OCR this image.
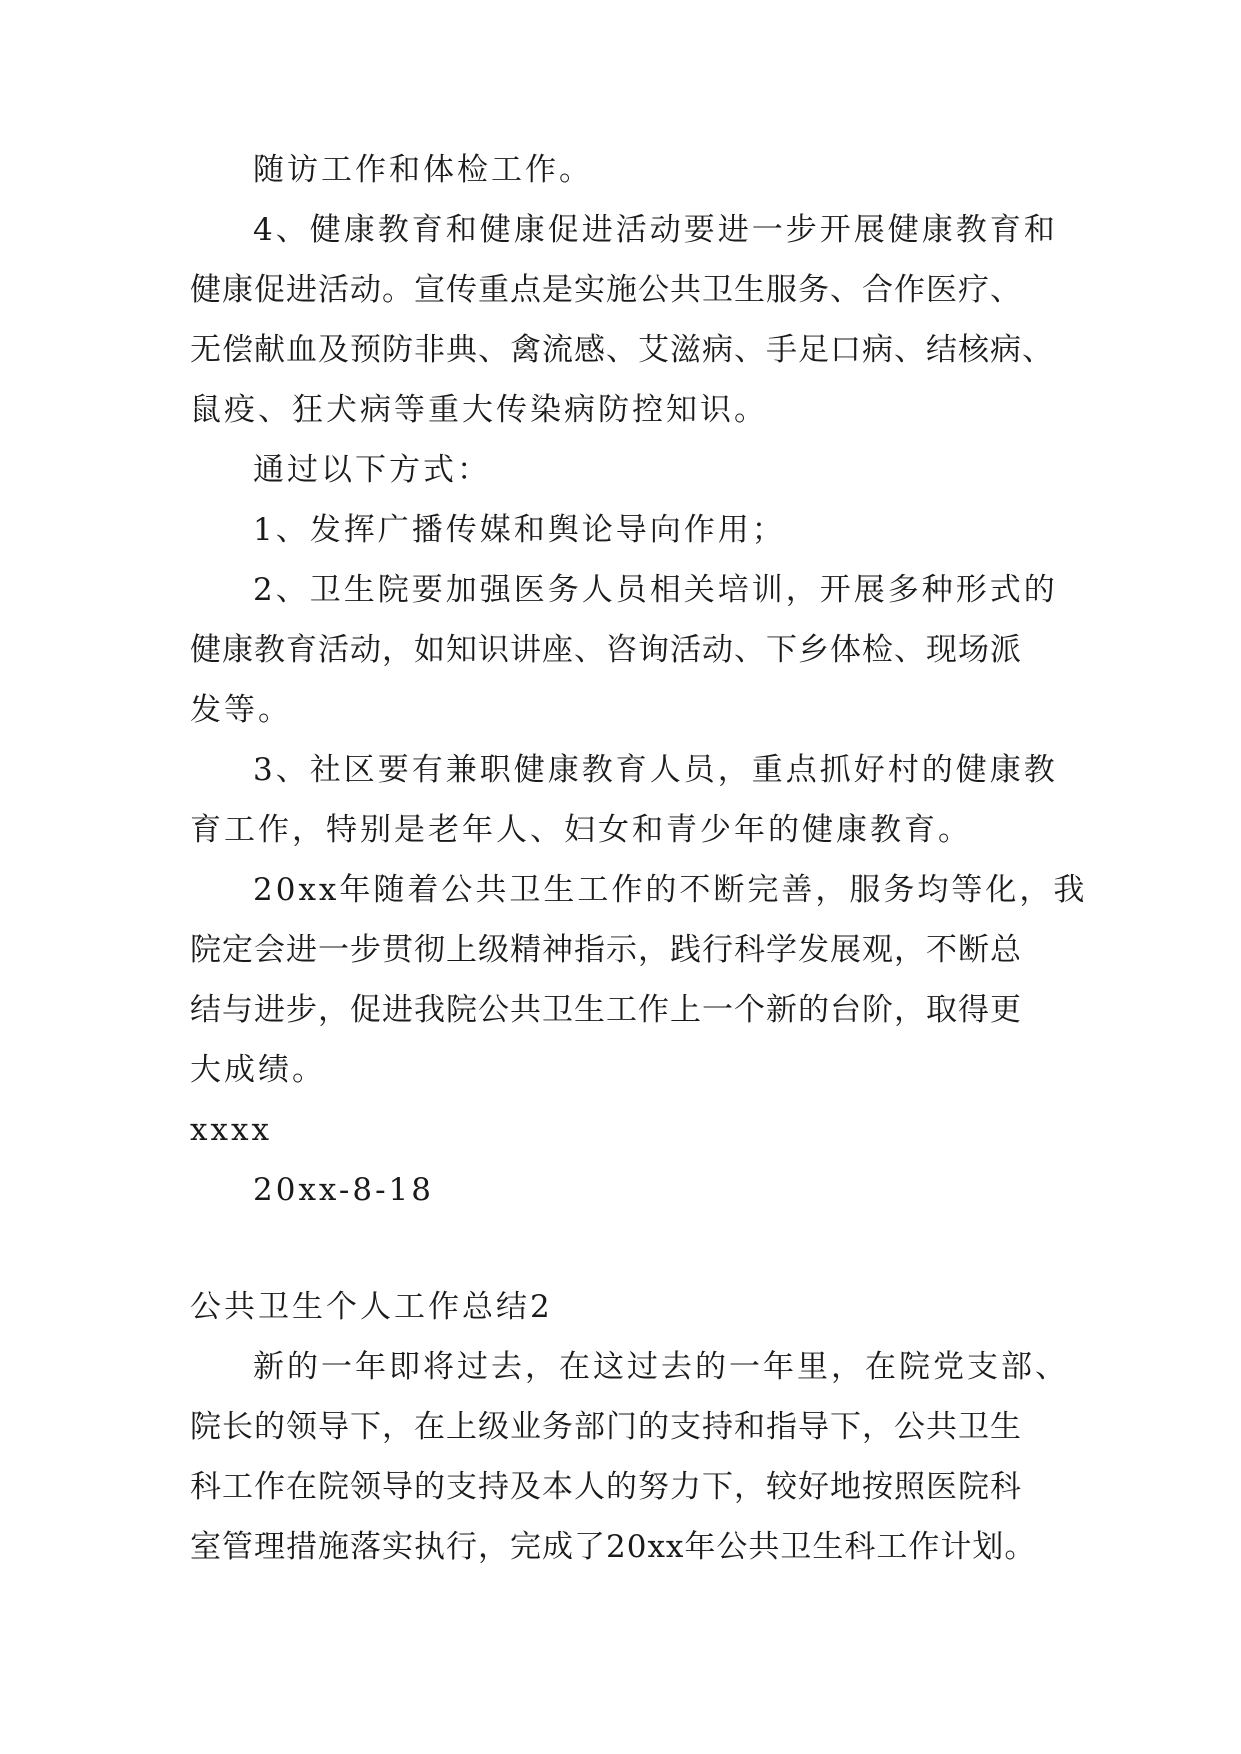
随访工作和体检工作。
4、健康教育和健康促进活动要进一步开展健康教育和
健康促进活动。宣传重点是实施公共卫生服务、合作医疗、
无偿献血及预防非典、禽流感、艾滋病、手足口病、结核病、
鼠疫、狂犬病等重大传染病防控知识。
通过以下方式：
1、发挥广播传媒和舆论导向作用；
2、卫生院要加强医务人员相关培训，开展多种形式的
健康教育活动，如知识讲座、咨询活动、下乡体检、现场派
发等。
3、社区要有兼职健康教育人员，重点抓好村的健康教
育工作，特别是老年人、妇女和青少年的健康教育。
20xx年随着公共卫生工作的不断完善，服务均等化，我
院定会进一步贯彻上级精神指示，践行科学发展观，不断总
结与进步，促进我院公共卫生工作上一个新的台阶，取得更
大成绩。
xxxx
20xx-8-18
公共卫生个人工作总结2
新的一年即将过去，在这过去的一年里，在院党支部、
院长的领导下，在上级业务部门的支持和指导下，公共卫生
科工作在院领导的支持及本人的努力下，较好地按照医院科
室管理措施落实执行，完成了20xx年公共卫生科工作计划。
